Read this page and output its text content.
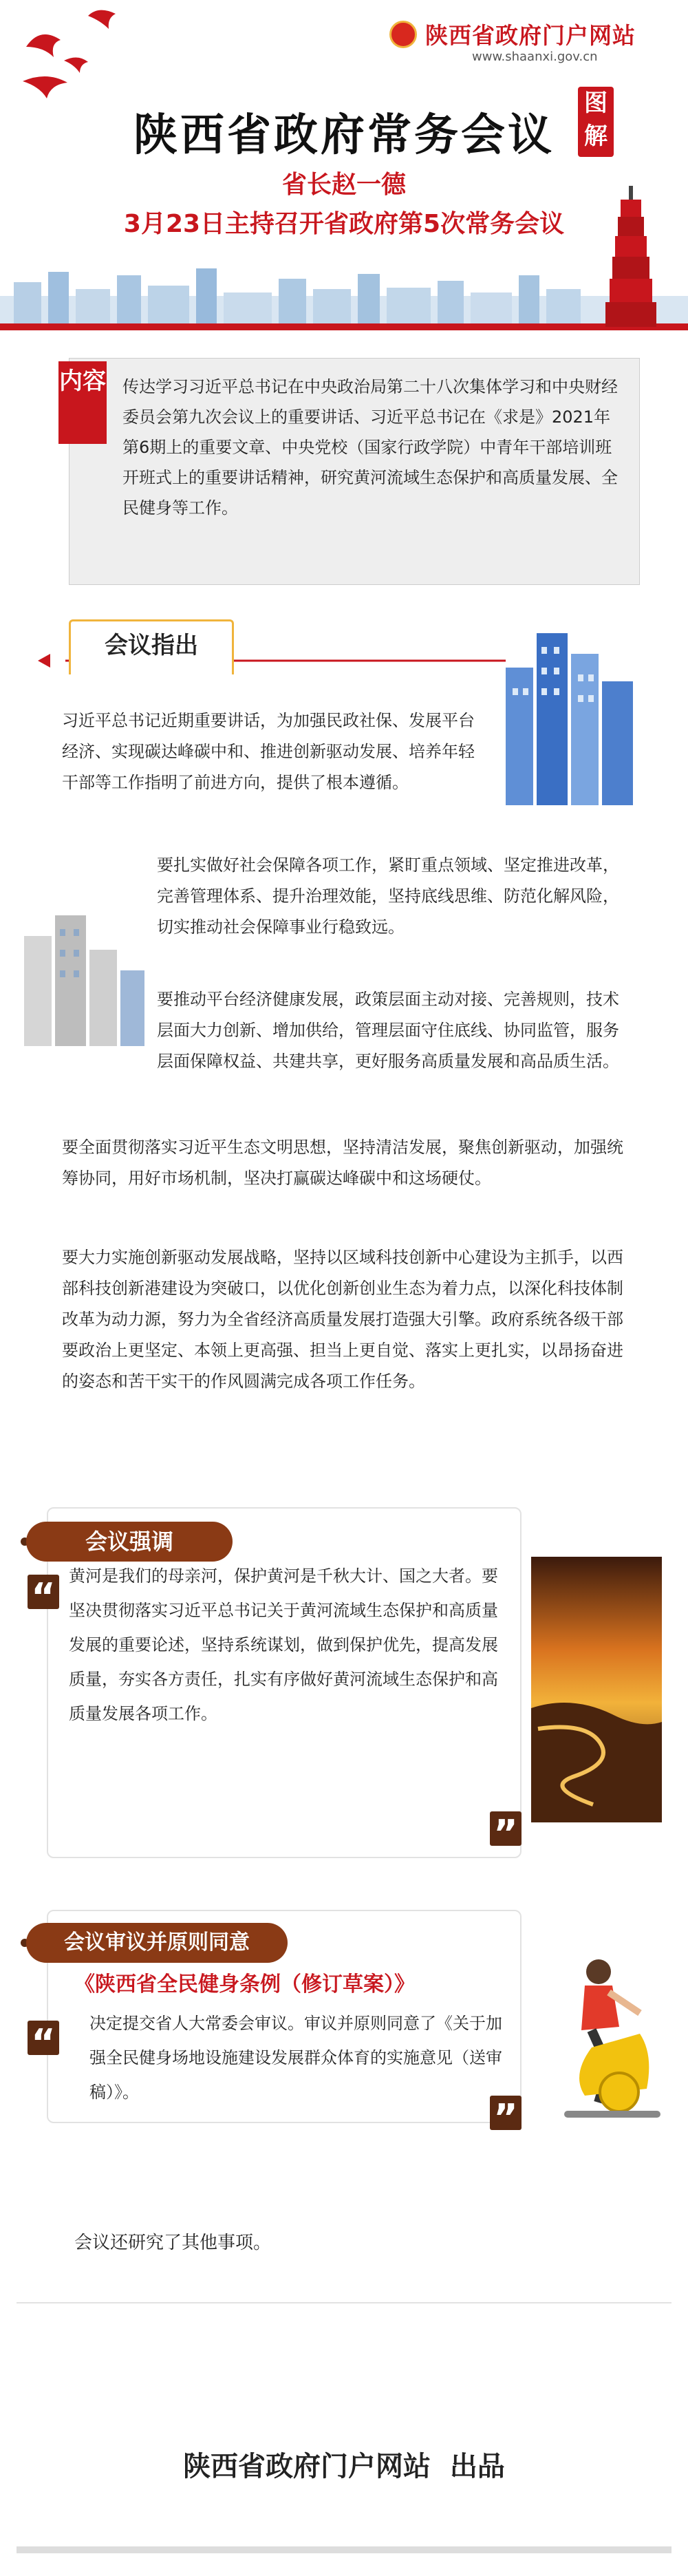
陕西省政府门户网站
www.shaanxi.gov.cn
陕西省政府常务会议
图解
省长赵一德
3月23日主持召开省政府第5次常务会议
内容 传达学习习近平总书记在中央政治局第二十八次集体学习和中央财经委员会第九次会议上的重要讲话、习近平总书记在《求是》2021年第6期上的重要文章、中央党校（国家行政学院）中青年干部培训班开班式上的重要讲话精神，研究黄河流域生态保护和高质量发展、全民健身等工作。
会议指出
习近平总书记近期重要讲话，为加强民政社保、发展平台经济、实现碳达峰碳中和、推进创新驱动发展、培养年轻干部等工作指明了前进方向，提供了根本遵循。
要扎实做好社会保障各项工作，紧盯重点领域、坚定推进改革，完善管理体系、提升治理效能，坚持底线思维、防范化解风险，切实推动社会保障事业行稳致远。
要推动平台经济健康发展，政策层面主动对接、完善规则，技术层面大力创新、增加供给，管理层面守住底线、协同监管，服务层面保障权益、共建共享，更好服务高质量发展和高品质生活。
要全面贯彻落实习近平生态文明思想，坚持清洁发展，聚焦创新驱动，加强统筹协同，用好市场机制，坚决打赢碳达峰碳中和这场硬仗。
要大力实施创新驱动发展战略，坚持以区域科技创新中心建设为主抓手，以西部科技创新港建设为突破口，以优化创新创业生态为着力点，以深化科技体制改革为动力源，努力为全省经济高质量发展打造强大引擎。政府系统各级干部要政治上更坚定、本领上更高强、担当上更自觉、落实上更扎实，以昂扬奋进的姿态和苦干实干的作风圆满完成各项工作任务。
会议强调
“ 黄河是我们的母亲河，保护黄河是千秋大计、国之大者。要坚决贯彻落实习近平总书记关于黄河流域生态保护和高质量发展的重要论述，坚持系统谋划，做到保护优先，提高发展质量，夯实各方责任，扎实有序做好黄河流域生态保护和高质量发展各项工作。
”
会议审议并原则同意
《陕西省全民健身条例（修订草案）》
“ 决定提交省人大常委会审议。审议并原则同意了《关于加强全民健身场地设施建设发展群众体育的实施意见（送审稿）》。
”
会议还研究了其他事项。
陕西省政府门户网站  出品
